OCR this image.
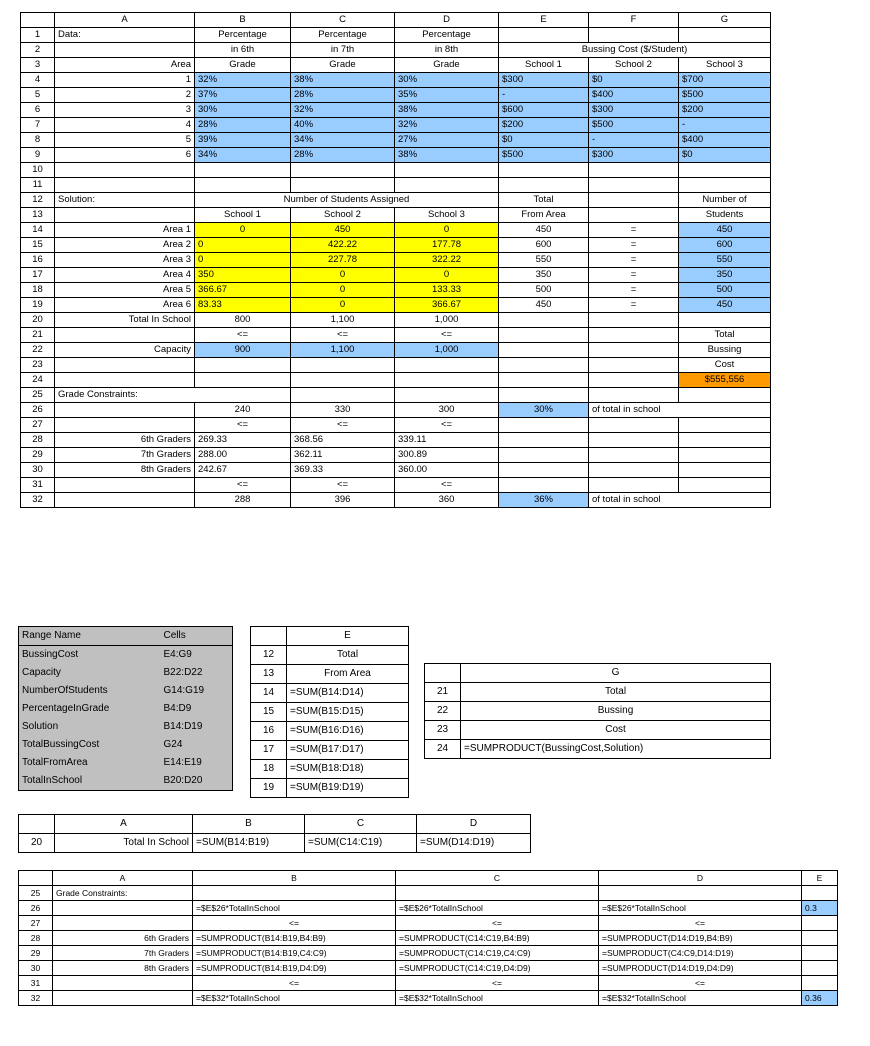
	A	B	C	D	E	F	G
1	Data:	Percentage	Percentage	Percentage			
2		in 6th	in 7th	in 8th	Bussing Cost ($/Student)		
3	Area	Grade	Grade	Grade	School 1	School 2	School 3
4	1	32%	38%	30%	$300	$0	$700
5	2	37%	28%	35%	-	$400	$500
6	3	30%	32%	38%	$600	$300	$200
7	4	28%	40%	32%	$200	$500	-
8	5	39%	34%	27%	$0	-	$400
9	6	34%	28%	38%	$500	$300	$0
10							
11							
12	Solution:	Number of Students Assigned			Total		Number of
13		School 1	School 2	School 3	From Area		Students
14	Area 1	0	450	0	450	=	450
15	Area 2	0	422.22	177.78	600	=	600
16	Area 3	0	227.78	322.22	550	=	550
17	Area 4	350	0	0	350	=	350
18	Area 5	366.67	0	133.33	500	=	500
19	Area 6	83.33	0	366.67	450	=	450
20	Total In School	800	1,100	1,000			
21		<=	<=	<=			Total
22	Capacity	900	1,100	1,000			Bussing
23							Cost
24							$555,556
25	Grade Constraints:						
26		240	330	300	30%	of total in school	
27		<=	<=	<=			
28	6th Graders	269.33	368.56	339.11			
29	7th Graders	288.00	362.11	300.89			
30	8th Graders	242.67	369.33	360.00			
31		<=	<=	<=			
32		288	396	360	36%	of total in school	
Range Name	Cells
BussingCost	E4:G9
Capacity	B22:D22
NumberOfStudents	G14:G19
PercentageInGrade	B4:D9
Solution	B14:D19
TotalBussingCost	G24
TotalFromArea	E14:E19
TotalInSchool	B20:D20
	E
12	Total
13	From Area
14	=SUM(B14:D14)
15	=SUM(B15:D15)
16	=SUM(B16:D16)
17	=SUM(B17:D17)
18	=SUM(B18:D18)
19	=SUM(B19:D19)
	G
21	Total
22	Bussing
23	Cost
24	=SUMPRODUCT(BussingCost,Solution)
	A	B	C	D
20	Total In School	=SUM(B14:B19)	=SUM(C14:C19)	=SUM(D14:D19)
	A	B	C	D	E
25	Grade Constraints:				
26		=$E$26*TotalInSchool	=$E$26*TotalInSchool	=$E$26*TotalInSchool	0.3
27		<=	<=	<=	
28	6th Graders	=SUMPRODUCT(B14:B19,B4:B9)	=SUMPRODUCT(C14:C19,B4:B9)	=SUMPRODUCT(D14:D19,B4:B9)	
29	7th Graders	=SUMPRODUCT(B14:B19,C4:C9)	=SUMPRODUCT(C14:C19,C4:C9)	=SUMPRODUCT(C4:C9,D14:D19)	
30	8th Graders	=SUMPRODUCT(B14:B19,D4:D9)	=SUMPRODUCT(C14:C19,D4:D9)	=SUMPRODUCT(D14:D19,D4:D9)	
31		<=	<=	<=	
32		=$E$32*TotalInSchool	=$E$32*TotalInSchool	=$E$32*TotalInSchool	0.36
